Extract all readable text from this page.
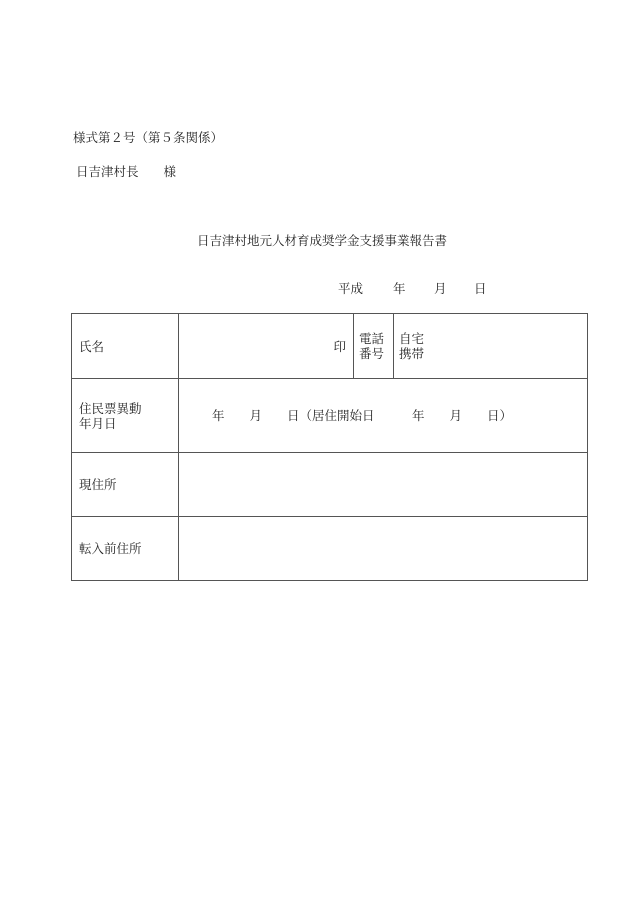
様式第２号（第５条関係）
日吉津村長　　様
日吉津村地元人材育成奨学金支援事業報告書
平成 年 月 日
氏名	印 電話
番号
自宅
携帯
住民票異動
年月日	年　　月　　日（居住開始日　　　年　　月　　日）
現住所
転入前住所
